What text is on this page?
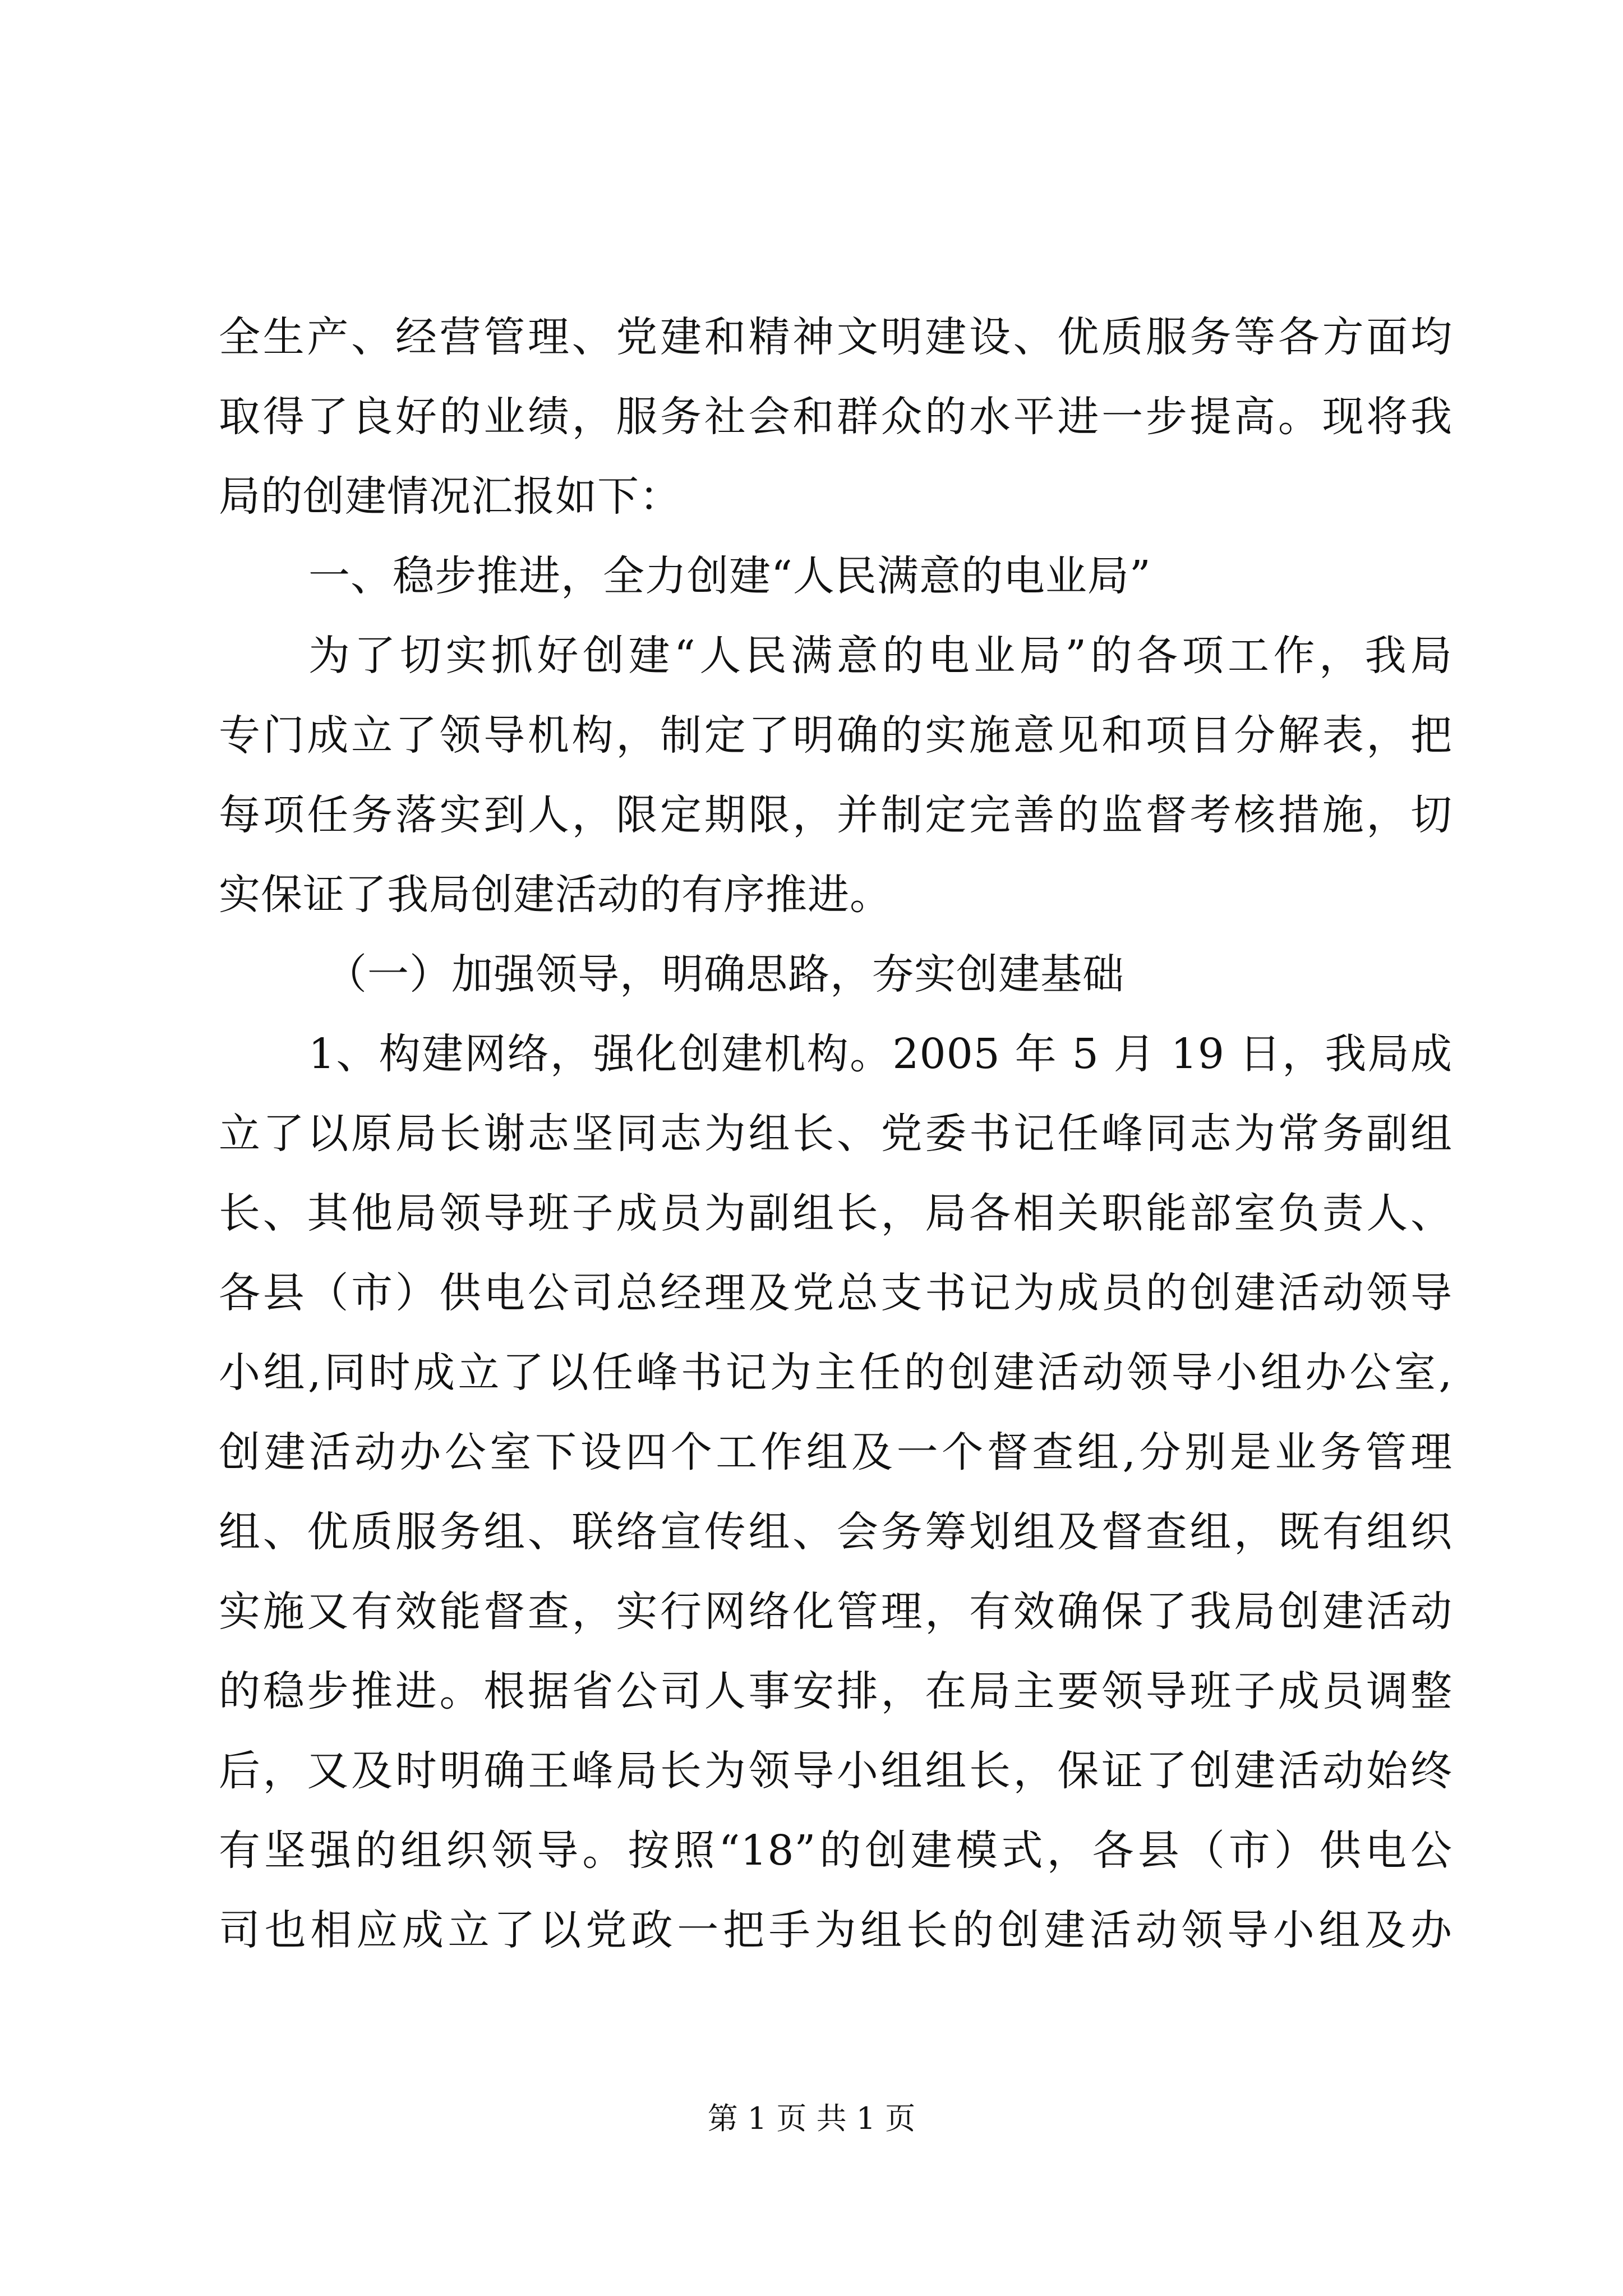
全生产、经营管理、党建和精神文明建设、优质服务等各方面均
取得了良好的业绩，服务社会和群众的水平进一步提高。现将我
局的创建情况汇报如下：
一、稳步推进，全力创建“人民满意的电业局”
为了切实抓好创建“人民满意的电业局”的各项工作，我局
专门成立了领导机构，制定了明确的实施意见和项目分解表，把
每项任务落实到人，限定期限，并制定完善的监督考核措施，切
实保证了我局创建活动的有序推进。
（一）加强领导，明确思路，夯实创建基础
1、构建网络，强化创建机构。2005 年 5 月 19 日，我局成
立了以原局长谢志坚同志为组长、党委书记任峰同志为常务副组
长、其他局领导班子成员为副组长，局各相关职能部室负责人、
各县（市）供电公司总经理及党总支书记为成员的创建活动领导
小组,同时成立了以任峰书记为主任的创建活动领导小组办公室,
创建活动办公室下设四个工作组及一个督查组,分别是业务管理
组、优质服务组、联络宣传组、会务筹划组及督查组，既有组织
实施又有效能督查，实行网络化管理，有效确保了我局创建活动
的稳步推进。根据省公司人事安排，在局主要领导班子成员调整
后，又及时明确王峰局长为领导小组组长，保证了创建活动始终
有坚强的组织领导。按照“18”的创建模式，各县（市）供电公
司也相应成立了以党政一把手为组长的创建活动领导小组及办
第 1 页 共 1 页
